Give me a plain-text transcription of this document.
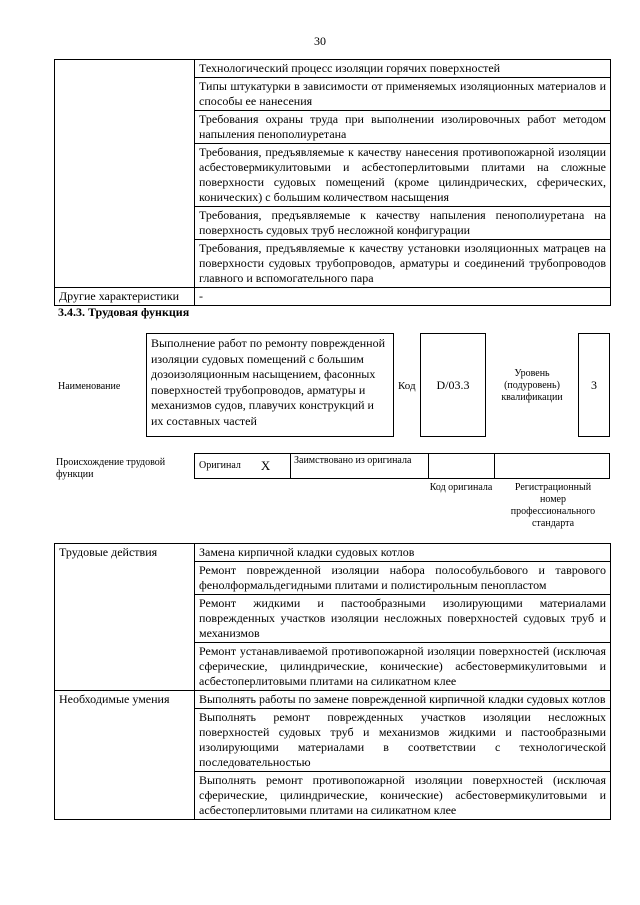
30
	Технологический процесс изоляции горячих поверхностей
	Типы штукатурки в зависимости от применяемых изоляционных материалов и способы ее нанесения
	Требования охраны труда при выполнении изолировочных работ методом напыления пенополиуретана
	Требования, предъявляемые к качеству нанесения противопожарной изоляции асбестовермикулитовыми и асбестоперлитовыми плитами на сложные поверхности судовых помещений (кроме цилиндрических, сферических, конических) с большим количеством насыщения
	Требования, предъявляемые к качеству напыления пенополиуретана на поверхность судовых труб несложной конфигурации
	Требования, предъявляемые к качеству установки изоляционных матрацев на поверхности судовых трубопроводов, арматуры и соединений трубопроводов главного и вспомогательного пара
Другие характеристики	-
3.4.3. Трудовая функция
Наименование
Выполнение работ по ремонту поврежденной изоляции судовых помещений с большим дозоизоляционным насыщением, фасонных поверхностей трубопроводов, арматуры и механизмов судов, плавучих конструкций и их составных частей
Код	D/03.3
Уровень (подуровень) квалификации
3
Происхождение трудовой функции
Оригинал X	Заимствовано из оригинала
Код оригинала	Регистрационный номер профессионального стандарта
Трудовые действия	Замена кирпичной кладки судовых котлов
	Ремонт поврежденной изоляции набора полособульбового и таврового фенолформальдегидными плитами и полистирольным пенопластом
	Ремонт жидкими и пастообразными изолирующими материалами поврежденных участков изоляции несложных поверхностей судовых труб и механизмов
	Ремонт устанавливаемой противопожарной изоляции поверхностей (исключая сферические, цилиндрические, конические) асбестовермикулитовыми и асбестоперлитовыми плитами на силикатном клее
Необходимые умения	Выполнять работы по замене поврежденной кирпичной кладки судовых котлов
	Выполнять ремонт поврежденных участков изоляции несложных поверхностей судовых труб и механизмов жидкими и пастообразными изолирующими материалами в соответствии с технологической последовательностью
	Выполнять ремонт противопожарной изоляции поверхностей (исключая сферические, цилиндрические, конические) асбестовермикулитовыми и асбестоперлитовыми плитами на силикатном клее
